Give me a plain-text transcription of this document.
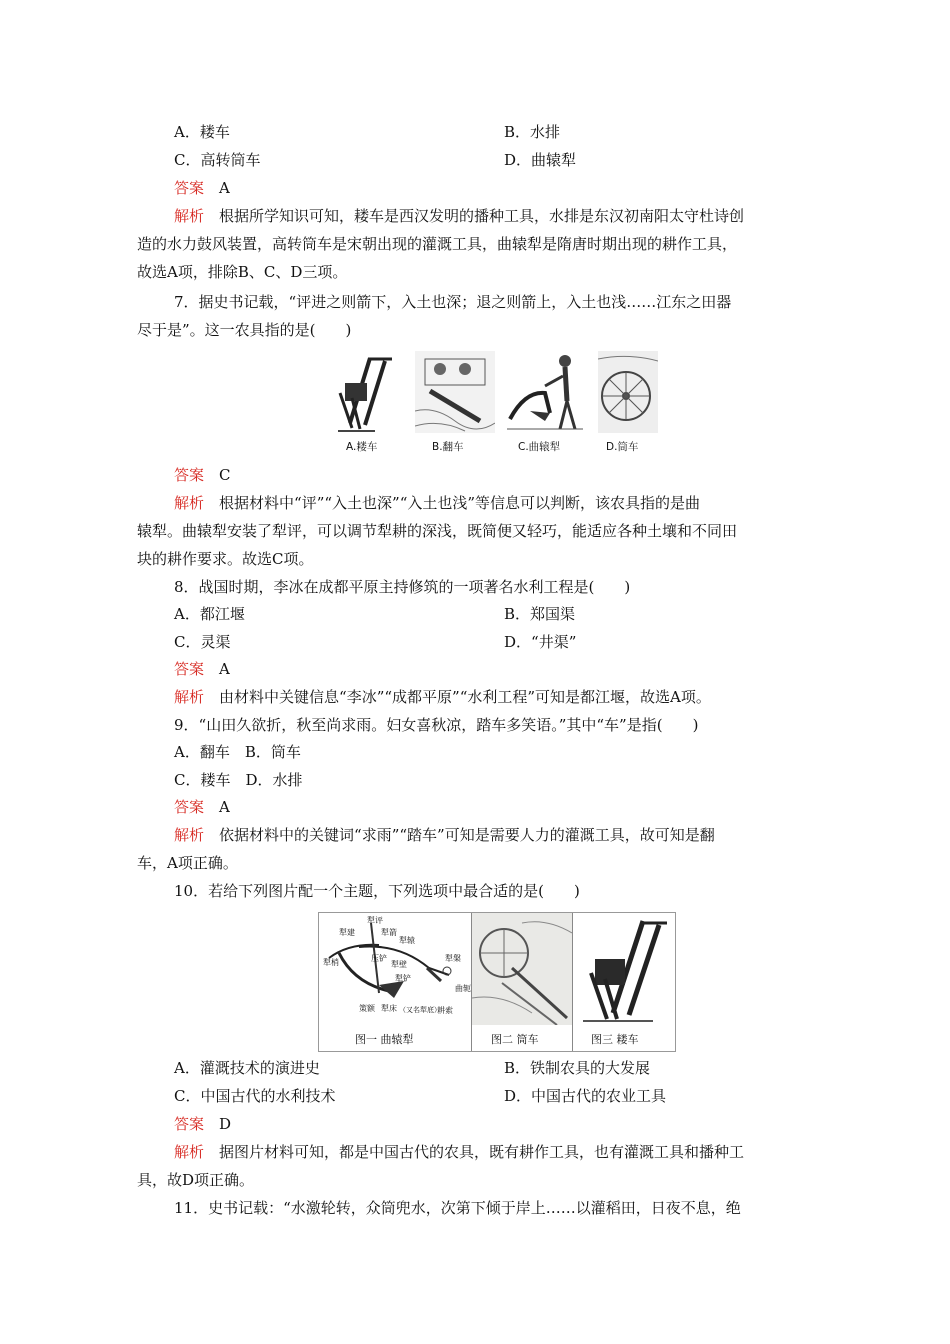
A．耧车	B．水排
C．高转筒车	D．曲辕犁
答案　 A
解析　 根据所学知识可知，耧车是西汉发明的播种工具，水排是东汉初南阳太守杜诗创
造的水力鼓风装置，高转筒车是宋朝出现的灌溉工具，曲辕犁是隋唐时期出现的耕作工具，
故选A项，排除B、C、D三项。
7．据史书记载，“评进之则箭下，入土也深；退之则箭上，入土也浅……江东之田器
尽于是”。这一农具指的是(　　)
A.耧车	B.翻车	C.曲辕犁	D.筒车
答案　 C
解析　 根据材料中“评”“入土也深”“入土也浅”等信息可以判断，该农具指的是曲
辕犁。曲辕犁安装了犁评，可以调节犁耕的深浅，既简便又轻巧，能适应各种土壤和不同田
块的耕作要求。故选C项。
8．战国时期，李冰在成都平原主持修筑的一项著名水利工程是(　　)
A．都江堰	B．郑国渠
C．灵渠	D．“井渠”
答案　 A
解析　 由材料中关键信息“李冰”“成都平原”“水利工程”可知是都江堰，故选A项。
9．“山田久欲折，秋至尚求雨。妇女喜秋凉，踏车多笑语。”其中“车”是指(　　)
A．翻车　B．筒车
C．耧车　D．水排
答案　 A
解析　 依据材料中的关键词“求雨”“踏车”可知是需要人力的灌溉工具，故可知是翻
车，A项正确。
10．若给下列图片配一个主题，下列选项中最合适的是(　　)
犁评
犁箭
犁建
犁辕
犁梢	压铲
犁壁
犁铲
犁槃
曲轭
犁床
策额	（又名犁底）
耕索
图一 曲辕犁	图二 筒车	图三 耧车
A．灌溉技术的演进史	B．铁制农具的大发展
C．中国古代的水利技术	D．中国古代的农业工具
答案　 D
解析　 据图片材料可知，都是中国古代的农具，既有耕作工具，也有灌溉工具和播种工
具，故D项正确。
11．史书记载：“水激轮转，众筒兜水，次第下倾于岸上……以灌稻田，日夜不息，绝
